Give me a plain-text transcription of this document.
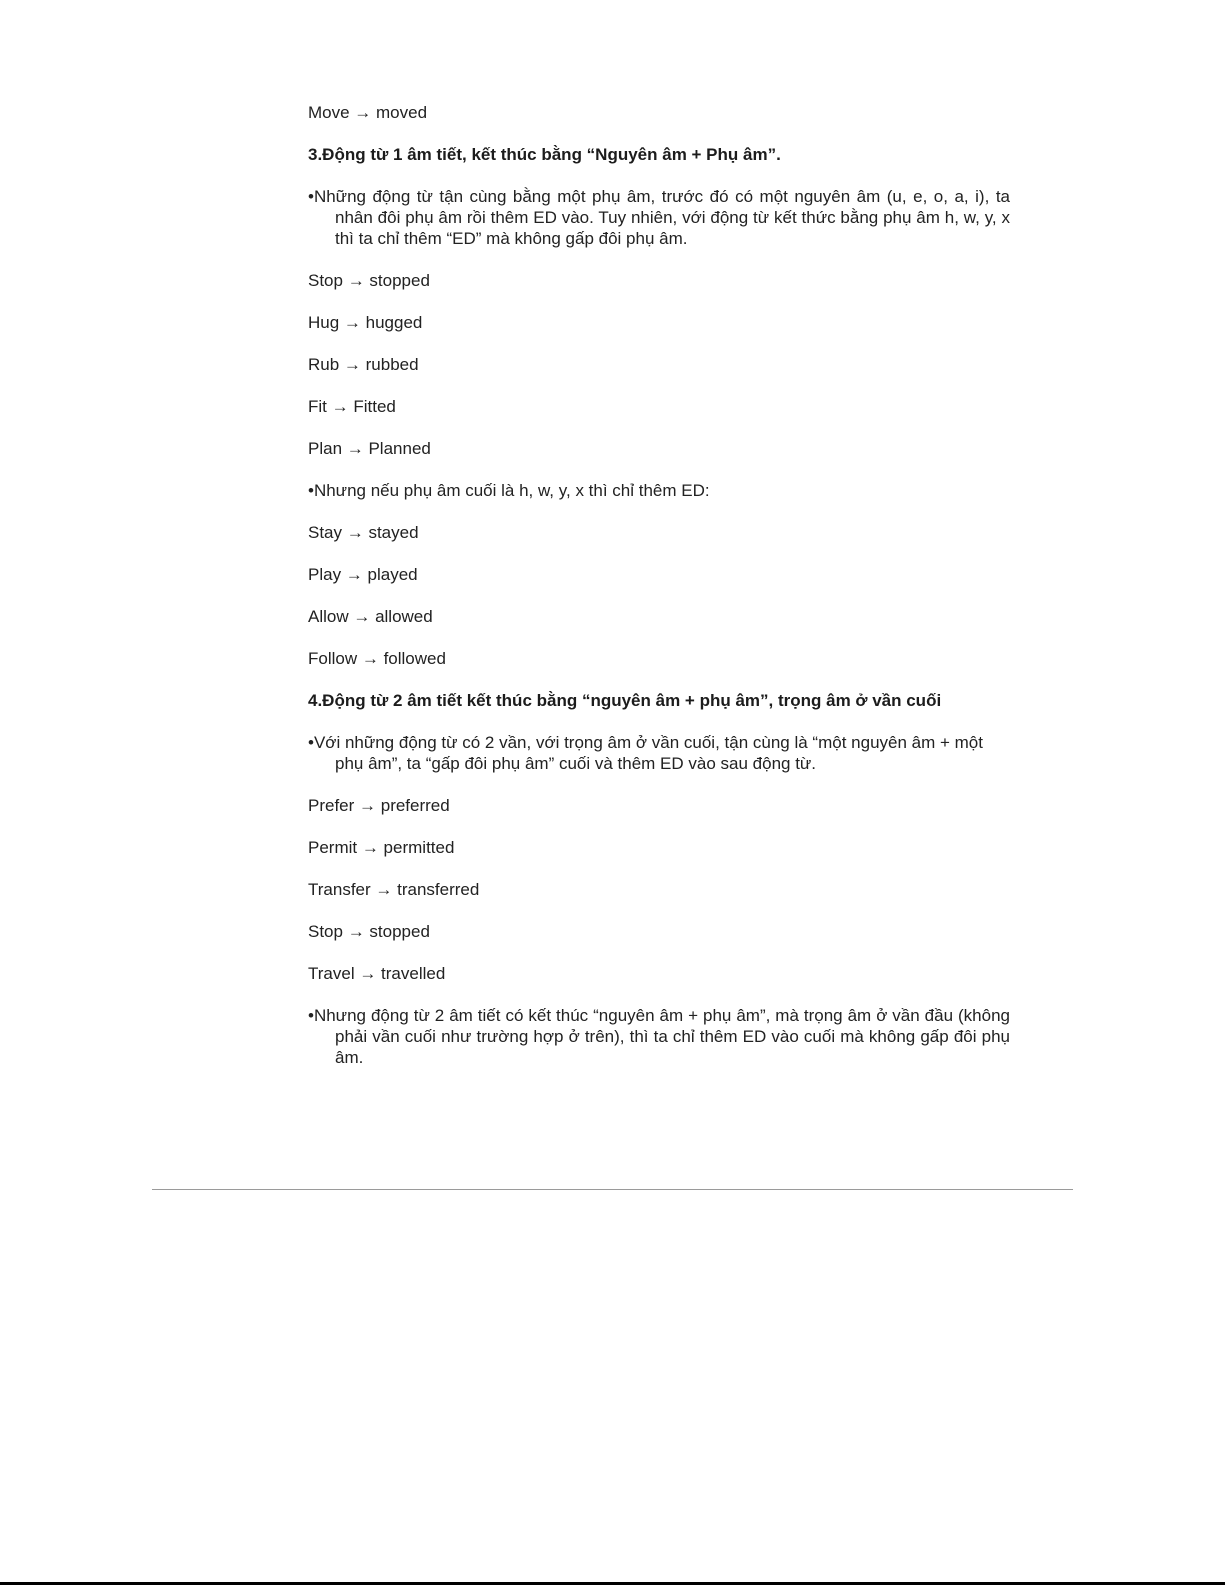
Move → moved

3.Động từ 1 âm tiết, kết thúc bằng “Nguyên âm + Phụ âm”.

•Những động từ tận cùng bằng một phụ âm, trước đó có một nguyên âm (u, e, o, a, i), ta nhân đôi phụ âm rồi thêm ED vào. Tuy nhiên, với động từ kết thức bằng phụ âm h, w, y, x thì ta chỉ thêm “ED” mà không gấp đôi phụ âm.

Stop → stopped

Hug → hugged

Rub → rubbed

Fit → Fitted

Plan → Planned

•Nhưng nếu phụ âm cuối là h, w, y, x thì chỉ thêm ED:

Stay → stayed

Play → played

Allow → allowed

Follow → followed

4.Động từ 2 âm tiết kết thúc bằng “nguyên âm + phụ âm”, trọng âm ở vần cuối

•Với những động từ có 2 vần, với trọng âm ở vần cuối, tận cùng là “một nguyên âm + một phụ âm”, ta “gấp đôi phụ âm” cuối và thêm ED vào sau động từ.

Prefer → preferred

Permit → permitted

Transfer → transferred

Stop → stopped

Travel → travelled

•Nhưng động từ 2 âm tiết có kết thúc “nguyên âm + phụ âm”, mà trọng âm ở vần đầu (không phải vần cuối như trường hợp ở trên), thì ta chỉ thêm ED vào cuối mà không gấp đôi phụ âm.
